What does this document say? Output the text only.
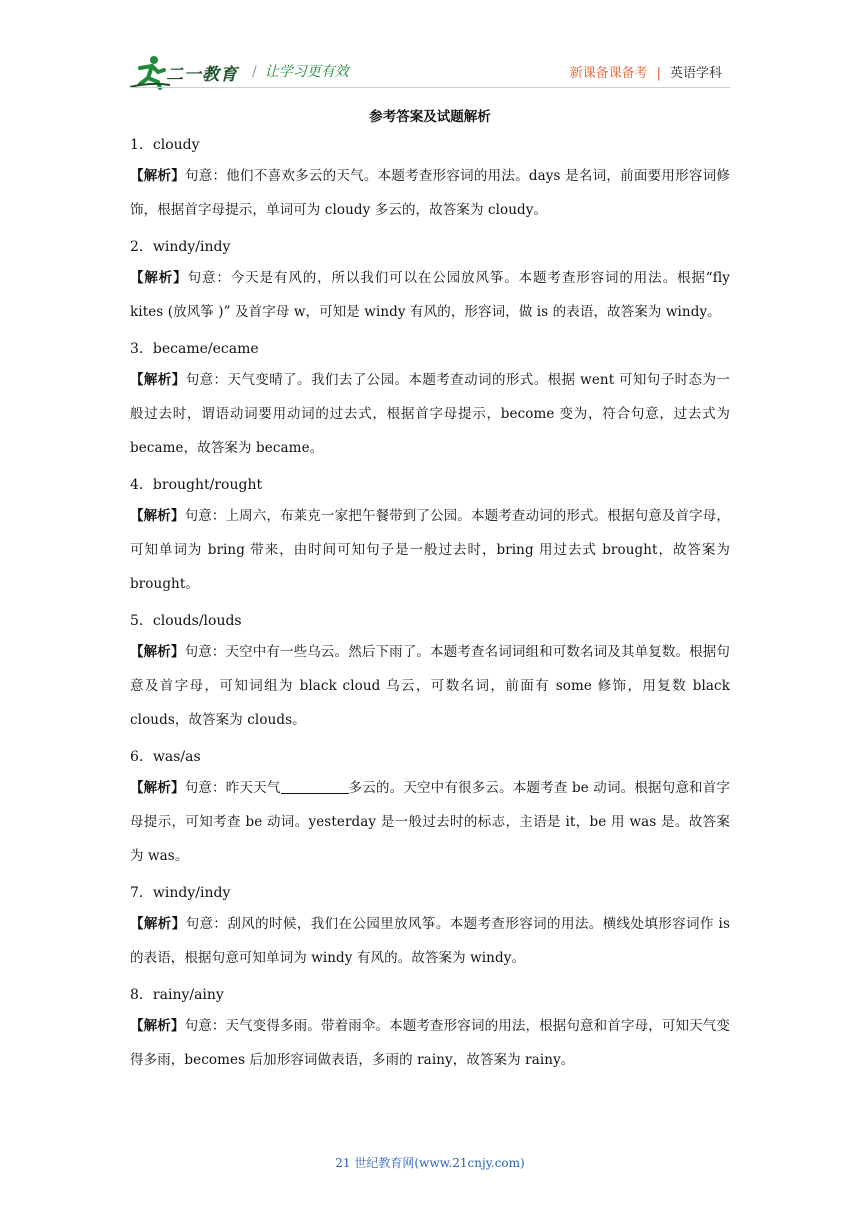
二一教育 / 让学习更有效	新课备课备考 | 英语学科
参考答案及试题解析
1．cloudy
【解析】句意：他们不喜欢多云的天气。本题考查形容词的用法。days 是名词，前面要用形容词修饰，根据首字母提示，单词可为 cloudy 多云的，故答案为 cloudy。
2．windy/indy
【解析】句意：今天是有风的，所以我们可以在公园放风筝。本题考查形容词的用法。根据“fly kites (放风筝 )” 及首字母 w，可知是 windy 有风的，形容词，做 is 的表语，故答案为 windy。
3．became/ecame
【解析】句意：天气变晴了。我们去了公园。本题考查动词的形式。根据 went 可知句子时态为一般过去时，谓语动词要用动词的过去式，根据首字母提示，become 变为，符合句意，过去式为 became，故答案为 became。
4．brought/rought
【解析】句意：上周六，布莱克一家把午餐带到了公园。本题考查动词的形式。根据句意及首字母，可知单词为 bring 带来，由时间可知句子是一般过去时，bring 用过去式 brought，故答案为 brought。
5．clouds/louds
【解析】句意：天空中有一些乌云。然后下雨了。本题考查名词词组和可数名词及其单复数。根据句意及首字母，可知词组为 black cloud 乌云，可数名词，前面有 some 修饰，用复数 black clouds，故答案为 clouds。
6．was/as
【解析】句意：昨天天气	多云的。天空中有很多云。本题考查 be 动词。根据句意和首字母提示，可知考查 be 动词。yesterday 是一般过去时的标志，主语是 it，be 用 was 是。故答案为 was。
7．windy/indy
【解析】句意：刮风的时候，我们在公园里放风筝。本题考查形容词的用法。横线处填形容词作 is 的表语，根据句意可知单词为 windy 有风的。故答案为 windy。
8．rainy/ainy
【解析】句意：天气变得多雨。带着雨伞。本题考查形容词的用法，根据句意和首字母，可知天气变得多雨，becomes 后加形容词做表语，多雨的 rainy，故答案为 rainy。
21 世纪教育网(www.21cnjy.com)
